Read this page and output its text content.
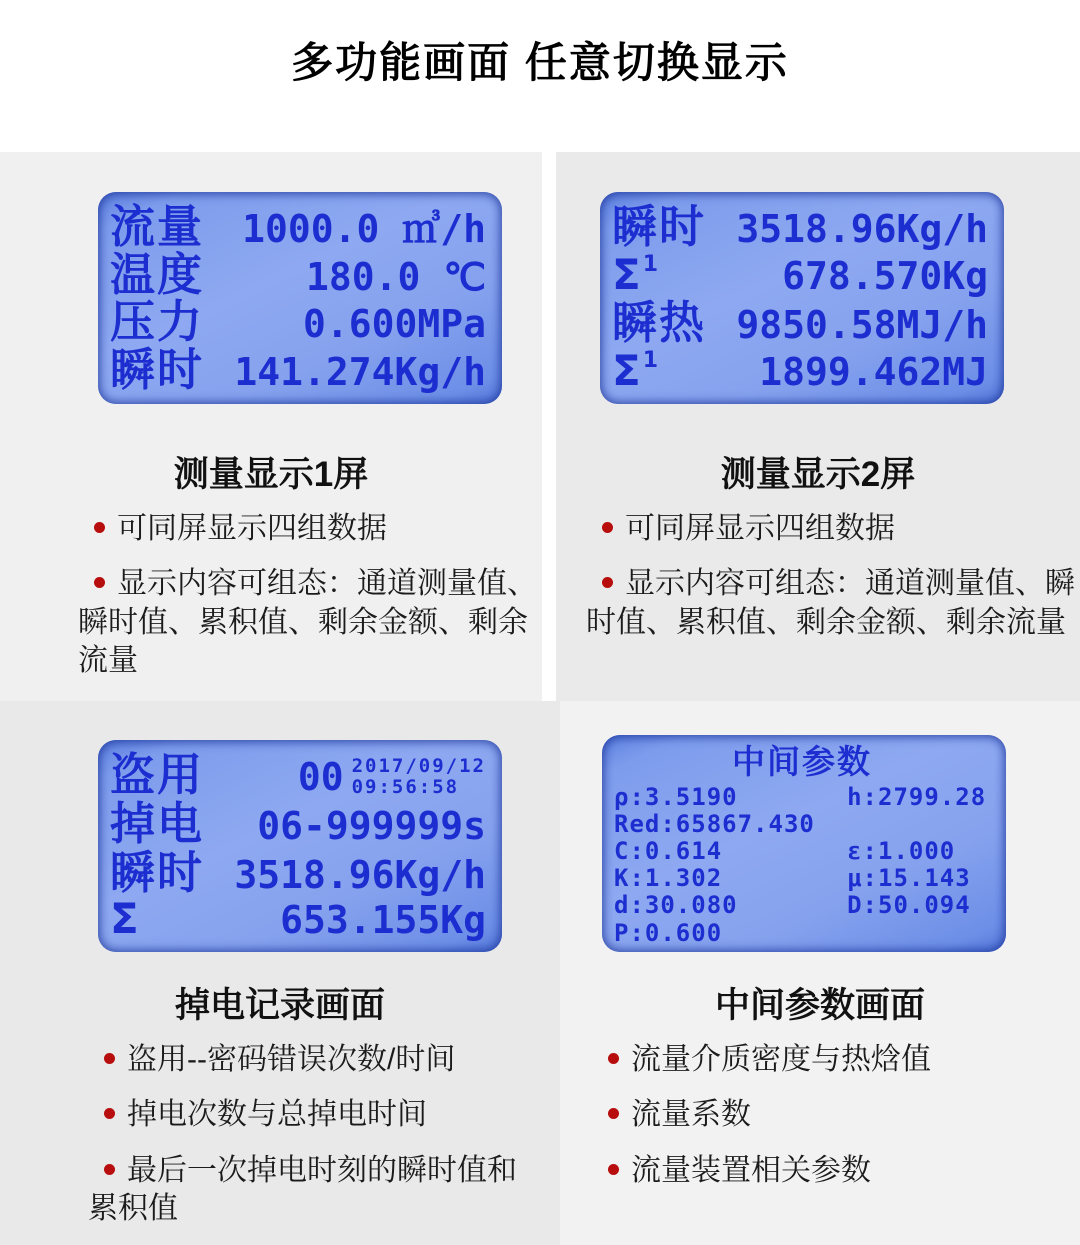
多功能画面 任意切换显示
流量 1000.0 ㎥/h
温度	180.0 ℃
压力	0.600MPa
瞬时 141.274Kg/h
测量显示1屏

可同屏显示四组数据

显示内容可组态：通道测量值、瞬时值、累积值、剩余金额、剩余流量

瞬时 3518.96Kg/h
$\Sigma^1$	678.570Kg
瞬热 9850.58MJ/h
$\Sigma^1$	1899.462MJ
测量显示2屏

可同屏显示四组数据

显示内容可组态：通道测量值、瞬时值、累积值、剩余金额、剩余流量

盗用 00 2017/09/12
09:56:58
掉电 06-999999s
瞬时 3518.96Kg/h
Σ	653.155Kg
掉电记录画面

盗用--密码错误次数/时间

掉电次数与总掉电时间

最后一次掉电时刻的瞬时值和累积值

中间参数
ρ:3.5190	h:2799.28
Red:65867.430
C:0.614	ε:1.000
K:1.302	μ:15.143
d:30.080	D:50.094
P:0.600
中间参数画面

流量介质密度与热焓值

流量系数

流量装置相关参数
